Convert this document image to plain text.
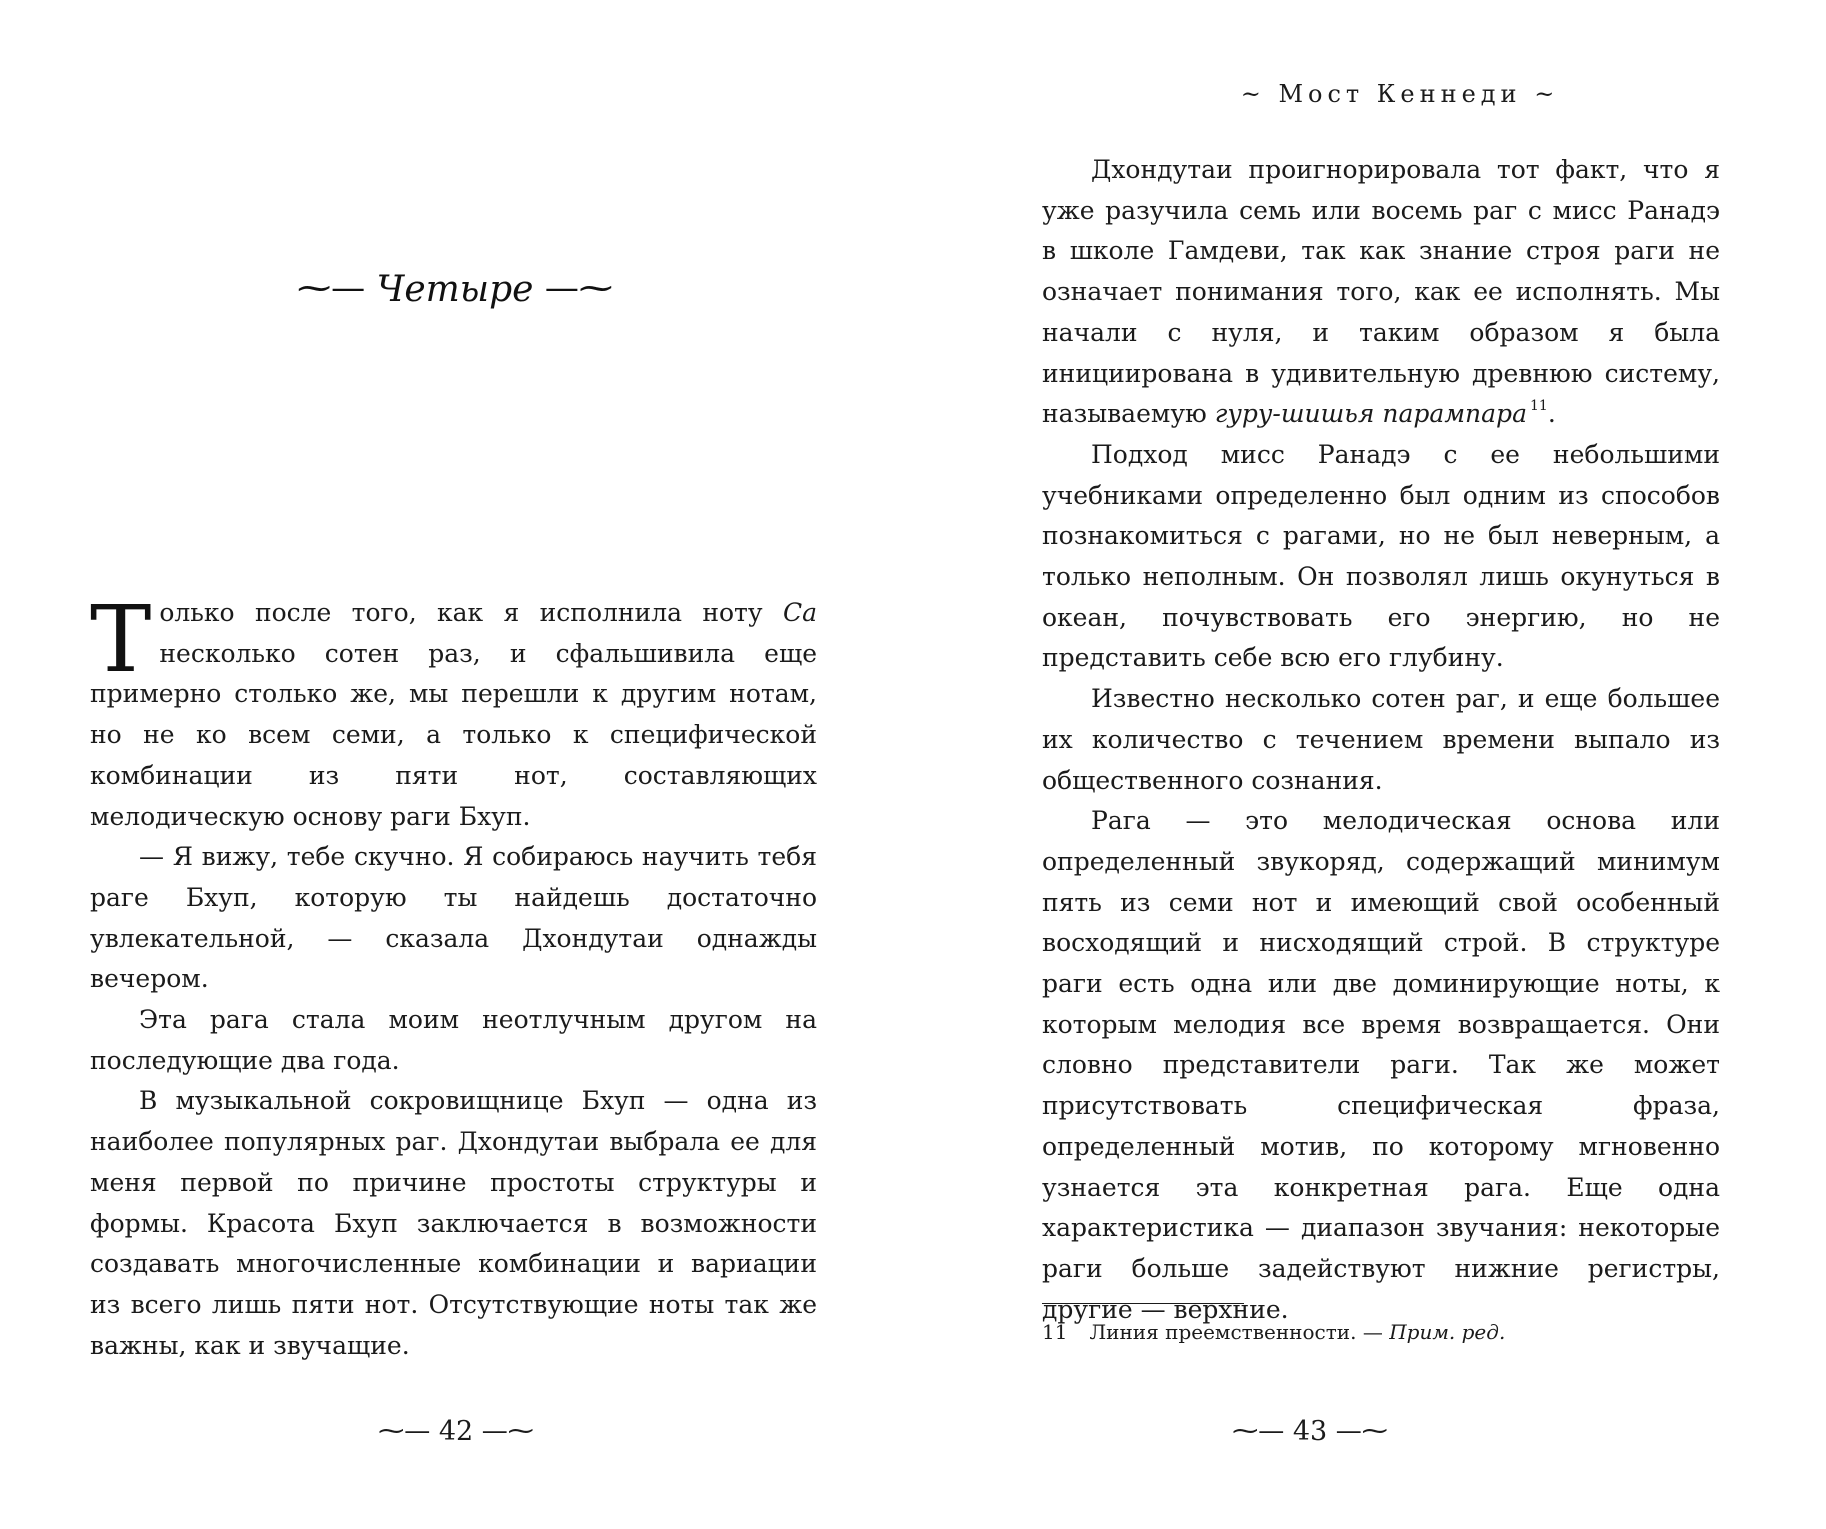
⁓— Четыре —⁓

Только после того, как я исполнила ноту Са несколько сотен раз, и сфальшивила еще примерно столько же, мы перешли к другим нотам, но не ко всем семи, а только к специфической комбинации из пяти нот, составляющих мелодическую основу раги Бхуп.

— Я вижу, тебе скучно. Я собираюсь научить тебя раге Бхуп, которую ты найдешь достаточно увлекательной, — сказала Дхондутаи однажды вечером.

Эта рага стала моим неотлучным другом на последующие два года.

В музыкальной сокровищнице Бхуп — одна из наиболее популярных раг. Дхондутаи выбрала ее для меня первой по причине простоты структуры и формы. Красота Бхуп заключается в возможности создавать многочисленные комбинации и вариации из всего лишь пяти нот. Отсутствующие ноты так же важны, как и звучащие.

⁓— 42 —⁓
~ Мост Кеннеди ~

Дхондутаи проигнорировала тот факт, что я уже разучила семь или восемь раг с мисс Ранадэ в школе Гамдеви, так как знание строя раги не означает понимания того, как ее исполнять. Мы начали с нуля, и таким образом я была инициирована в удивительную древнюю систему, называемую гуру-шишья парампара $^{11}$.

Подход мисс Ранадэ с ее небольшими учебниками определенно был одним из способов познакомиться с рагами, но не был неверным, а только неполным. Он позволял лишь окунуться в океан, почувствовать его энергию, но не представить себе всю его глубину.

Известно несколько сотен раг, и еще большее их количество с течением времени выпало из общественного сознания.

Рага — это мелодическая основа или определенный звукоряд, содержащий минимум пять из семи нот и имеющий свой особенный восходящий и нисходящий строй. В структуре раги есть одна или две доминирующие ноты, к которым мелодия все время возвращается. Они словно представители раги. Так же может присутствовать специфическая фраза, определенный мотив, по которому мгновенно узнается эта конкретная рага. Еще одна характеристика — диапазон звучания: некоторые раги больше задействуют нижние регистры, другие — верхние.

11 Линия преемственности. — Прим. ред.
⁓— 43 —⁓
